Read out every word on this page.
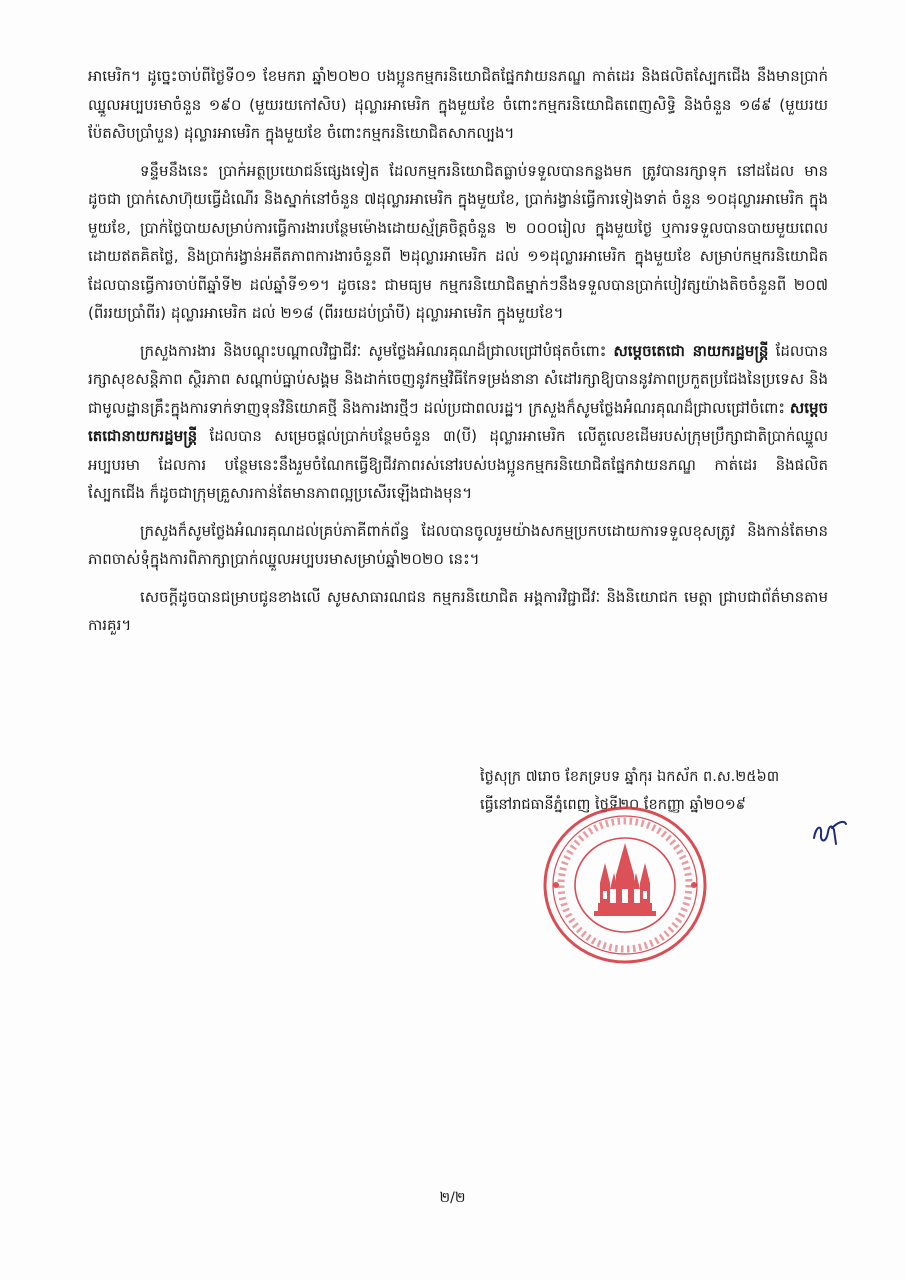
អាមេរិក។ ដូច្នេះចាប់ពីថ្ងៃទី០១ ខែមករា ឆ្នាំ២០២០ បងប្អូនកម្មករនិយោជិតផ្នែកវាយនភណ្ឌ កាត់ដេរ និងផលិតស្បែកជើង នឹងមានប្រាក់ឈ្នួលអប្បបរមាចំនួន ១៩០ (មួយរយកៅសិប) ដុល្លារអាមេរិក ក្នុងមួយខែ ចំពោះកម្មករនិយោជិតពេញសិទ្ធិ និងចំនួន ១៨៩ (មួយរយប៉ែតសិបប្រាំបួន) ដុល្លារអាមេរិក ក្នុងមួយខែ ចំពោះកម្មករនិយោជិតសាកល្បង។

ទន្ទឹមនឹងនេះ ប្រាក់អត្ថប្រយោជន៍ផ្សេងទៀត ដែលកម្មករនិយោជិតធ្លាប់ទទួលបានកន្លងមក ត្រូវបានរក្សាទុក នៅដដែល មានដូចជា ប្រាក់សោហ៊ុយធ្វើដំណើរ និងស្នាក់នៅចំនួន ៧ដុល្លារអាមេរិក ក្នុងមួយខែ, ប្រាក់រង្វាន់ធ្វើការទៀងទាត់ ចំនួន ១០ដុល្លារអាមេរិក ក្នុងមួយខែ, ប្រាក់ថ្លៃបាយសម្រាប់ការធ្វើការងារបន្ថែមម៉ោងដោយស្ម័គ្រចិត្តចំនួន ២ ០០០រៀល ក្នុងមួយថ្ងៃ ឬការទទួលបានបាយមួយពេលដោយឥតគិតថ្លៃ, និងប្រាក់រង្វាន់អតីតភាពការងារចំនួនពី ២ដុល្លារអាមេរិក ដល់ ១១ដុល្លារអាមេរិក ក្នុងមួយខែ សម្រាប់កម្មករនិយោជិតដែលបានធ្វើការចាប់ពីឆ្នាំទី២ ដល់ឆ្នាំទី១១។ ដូចនេះ ជាមធ្យម កម្មករនិយោជិតម្នាក់ៗនឹងទទួលបានប្រាក់បៀវត្សយ៉ាងតិចចំនួនពី ២០៧ (ពីររយប្រាំពីរ) ដុល្លារអាមេរិក ដល់ ២១៨ (ពីររយដប់ប្រាំបី) ដុល្លារអាមេរិក ក្នុងមួយខែ។

ក្រសួងការងារ និងបណ្តុះបណ្តាលវិជ្ជាជីវៈ សូមថ្លែងអំណរគុណដ៏ជ្រាលជ្រៅបំផុតចំពោះ សម្តេចតេជោ នាយករដ្ឋមន្ត្រី ដែលបានរក្សាសុខសន្តិភាព ស្ថិរភាព សណ្តាប់ធ្នាប់សង្គម និងដាក់ចេញនូវកម្មវិធីកែទម្រង់នានា សំដៅរក្សាឱ្យបាននូវភាពប្រកួតប្រជែងនៃប្រទេស និងជាមូលដ្ឋានគ្រឹះក្នុងការទាក់ទាញទុនវិនិយោគថ្មី និងការងារថ្មីៗ ដល់ប្រជាពលរដ្ឋ។ ក្រសួងក៏សូមថ្លែងអំណរគុណដ៏ជ្រាលជ្រៅចំពោះ សម្តេចតេជោនាយករដ្ឋមន្ត្រី ដែលបាន សម្រេចផ្តល់ប្រាក់បន្ថែមចំនួន ៣(បី) ដុល្លារអាមេរិក លើតួលេខដើមរបស់ក្រុមប្រឹក្សាជាតិប្រាក់ឈ្នួលអប្បបរមា ដែលការ បន្ថែមនេះនឹងរួមចំណែកធ្វើឱ្យជីវភាពរស់នៅរបស់បងប្អូនកម្មករនិយោជិតផ្នែកវាយនភណ្ឌ កាត់ដេរ និងផលិតស្បែកជើង ក៏ដូចជាក្រុមគ្រួសារកាន់តែមានភាពល្អប្រសើរឡើងជាងមុន។

ក្រសួងក៏សូមថ្លែងអំណរគុណដល់គ្រប់ភាគីពាក់ព័ន្ធ ដែលបានចូលរួមយ៉ាងសកម្មប្រកបដោយការទទួលខុសត្រូវ និងកាន់តែមានភាពចាស់ទុំក្នុងការពិភាក្សាប្រាក់ឈ្នួលអប្បបរមាសម្រាប់ឆ្នាំ២០២០ នេះ។

សេចក្តីដូចបានជម្រាបជូនខាងលើ សូមសាធារណជន កម្មករនិយោជិត អង្គការវិជ្ជាជីវៈ និងនិយោជក មេត្តា ជ្រាបជាព័ត៌មានតាមការគួរ។

ថ្ងៃសុក្រ ៧រោច ខែភទ្របទ ឆ្នាំកុរ ឯកស័ក ព.ស.២៥៦៣
ធ្វើនៅរាជធានីភ្នំពេញ ថ្ងៃទី២០ ខែកញ្ញា ឆ្នាំ២០១៩
២/២
